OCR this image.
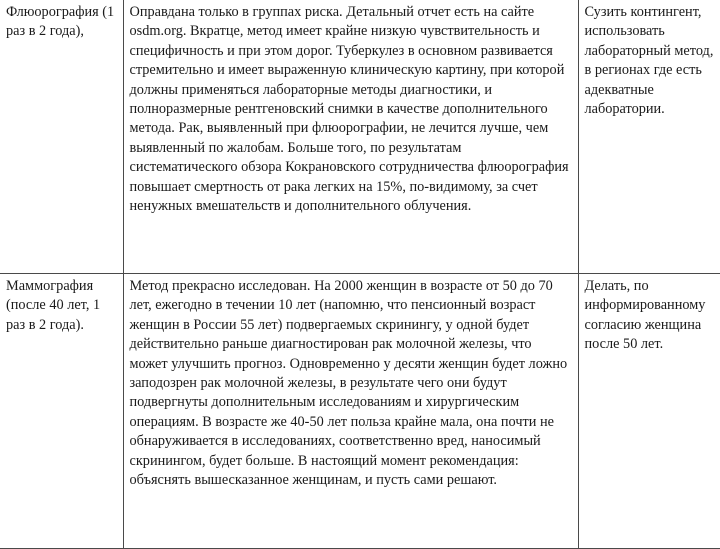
Флюорография (1 раз в 2 года),	Оправдана только в группах риска. Детальный отчет есть на сайте osdm.org. Вкратце, метод имеет крайне низкую чувствительность и специфичность и при этом дорог. Туберкулез в основном развивается стремительно и имеет выраженную клиническую картину, при которой должны применяться лабораторные методы диагностики, и полноразмерные рентгеновский снимки в качестве дополнительного метода. Рак, выявленный при флюорографии, не лечится лучше, чем выявленный по жалобам. Больше того, по результатам систематического обзора Кокрановского сотрудничества флюорография повышает смертность от рака легких на 15%, по-видимому, за счет ненужных вмешательств и дополнительного облучения.	Сузить контингент, использовать лабораторный метод, в регионах где есть адекватные лаборатории.

Маммография (после 40 лет, 1 раз в 2 года).	Метод прекрасно исследован. На 2000 женщин в возрасте от 50 до 70 лет, ежегодно в течении 10 лет (напомню, что пенсионный возраст женщин в России 55 лет) подвергаемых скринингу, у одной будет действительно раньше диагностирован рак молочной железы, что может улучшить прогноз. Одновременно у десяти женщин будет ложно заподозрен рак молочной железы, в результате чего они будут подвергнуты дополнительным исследованиям и хирургическим операциям. В возрасте же 40-50 лет польза крайне мала, она почти не обнаруживается в исследованиях, соответственно вред, наносимый скринингом, будет больше. В настоящий момент рекомендация: объяснять вышесказанное женщинам, и пусть сами решают.	Делать, по информированному согласию женщина после 50 лет.
